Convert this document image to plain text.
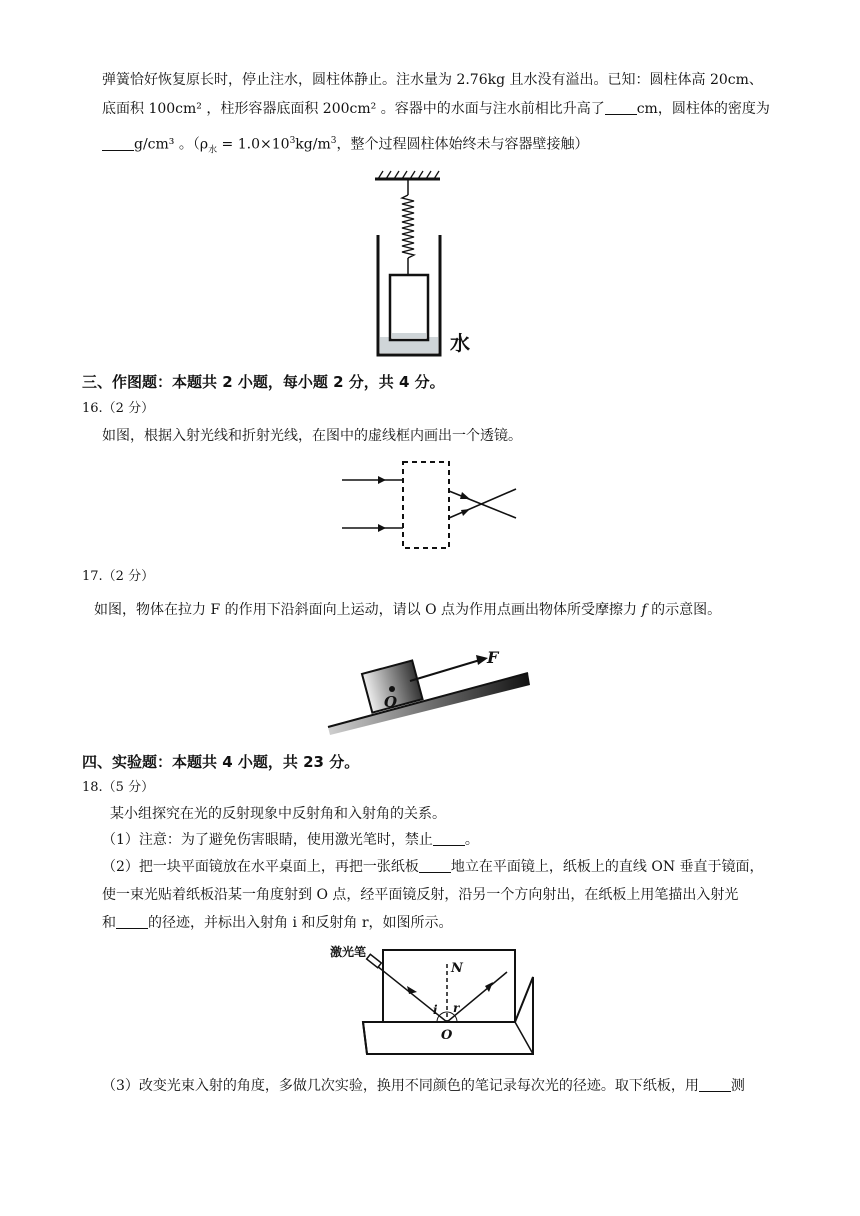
弹簧恰好恢复原长时，停止注水，圆柱体静止。注水量为 2.76kg 且水没有溢出。已知：圆柱体高 20cm、
底面积 100cm² ，柱形容器底面积 200cm² 。容器中的水面与注水前相比升高了 cm，圆柱体的密度为
g/cm³ 。（$\rho_水 = 1.0\times 10^3kg/m^3$，整个过程圆柱体始终未与容器壁接触）
水
三、作图题：本题共 2 小题，每小题 2 分，共 4 分。
16.（2 分）
如图，根据入射光线和折射光线，在图中的虚线框内画出一个透镜。
17.（2 分）
如图，物体在拉力 F 的作用下沿斜面向上运动，请以 O 点为作用点画出物体所受摩擦力 f 的示意图。
O
F
四、实验题：本题共 4 小题，共 23 分。
18.（5 分）
某小组探究在光的反射现象中反射角和入射角的关系。
（1）注意：为了避免伤害眼睛，使用激光笔时，禁止 。
（2）把一块平面镜放在水平桌面上，再把一张纸板 地立在平面镜上，纸板上的直线 ON 垂直于镜面，
使一束光贴着纸板沿某一角度射到 O 点，经平面镜反射，沿另一个方向射出，在纸板上用笔描出入射光
和 的径迹，并标出入射角 i 和反射角 r，如图所示。
激光笔
N
i r
O
（3）改变光束入射的角度，多做几次实验，换用不同颜色的笔记录每次光的径迹。取下纸板，用 测
